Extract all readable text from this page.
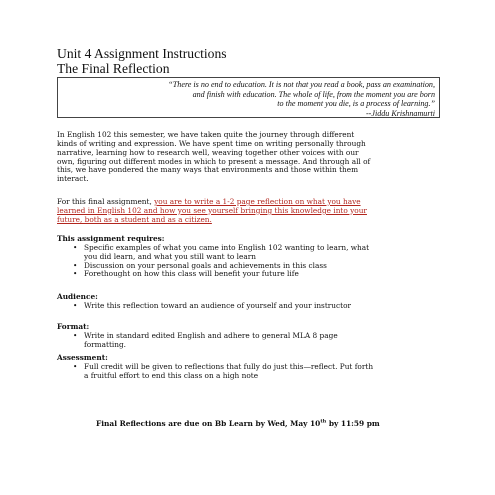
Unit 4 Assignment Instructions
The Final Reflection
“There is no end to education. It is not that you read a book, pass an examination,
and finish with education. The whole of life, from the moment you are born
to the moment you die, is a process of learning.”
--Jiddu Krishnamurti
In English 102 this semester, we have taken quite the journey through different
kinds of writing and expression. We have spent time on writing personally through
narrative, learning how to research well, weaving together other voices with our
own, figuring out different modes in which to present a message. And through all of
this, we have pondered the many ways that environments and those within them
interact.
For this final assignment, you are to write a 1-2 page reflection on what you have
learned in English 102 and how you see yourself bringing this knowledge into your
future, both as a student and as a citizen.
This assignment requires:
• Specific examples of what you came into English 102 wanting to learn, what
you did learn, and what you still want to learn
• Discussion on your personal goals and achievements in this class
• Forethought on how this class will benefit your future life
Audience:
• Write this reflection toward an audience of yourself and your instructor
Format:
• Write in standard edited English and adhere to general MLA 8 page
formatting.
Assessment:
• Full credit will be given to reflections that fully do just this—reflect. Put forth
a fruitful effort to end this class on a high note
Final Reflections are due on Bb Learn by Wed, May 10th by 11:59 pm
